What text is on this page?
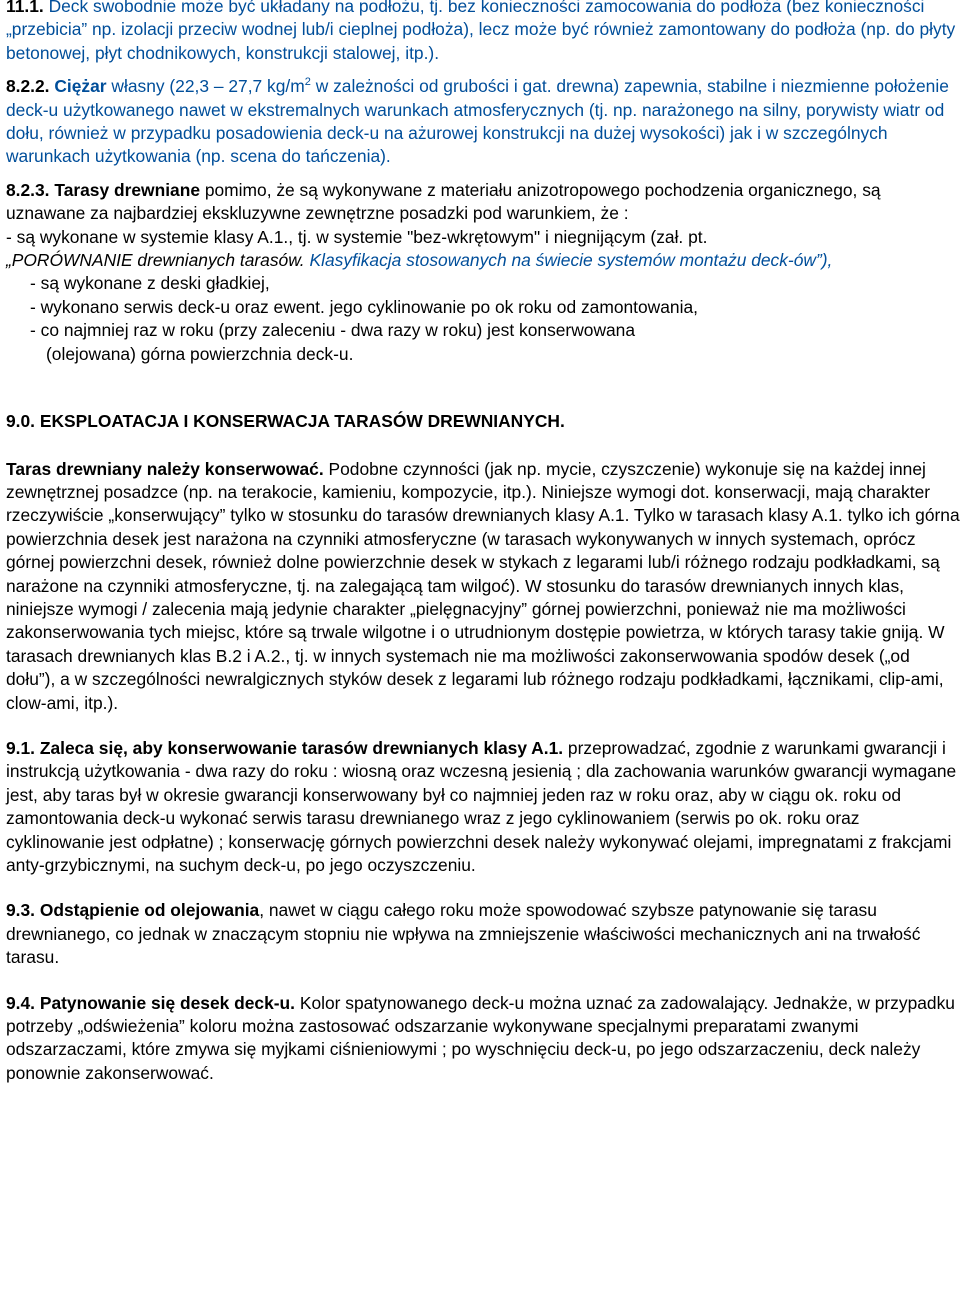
11.1. Deck swobodnie może być układany na podłożu, tj. bez konieczności zamocowania do podłoża (bez konieczności „przebicia” np. izolacji przeciw wodnej lub/i cieplnej podłoża), lecz może być również zamontowany do podłoża (np. do płyty betonowej, płyt chodnikowych, konstrukcji stalowej, itp.).

8.2.2. Ciężar własny (22,3 – 27,7 $kg/m^2$ w zależności od grubości i gat. drewna) zapewnia, stabilne i niezmienne położenie deck-u użytkowanego nawet w ekstremalnych warunkach atmosferycznych (tj. np. narażonego na silny, porywisty wiatr od dołu, również w przypadku posadowienia deck-u na ażurowej konstrukcji na dużej wysokości) jak i w szczególnych warunkach użytkowania (np. scena do tańczenia).

8.2.3. Tarasy drewniane pomimo, że są wykonywane z materiału anizotropowego pochodzenia organicznego, są uznawane za najbardziej ekskluzywne zewnętrzne posadzki pod warunkiem, że :

- są wykonane w systemie klasy A.1., tj. w systemie "bez-wkrętowym" i niegnijącym (zał. pt.

„PORÓWNANIE drewnianych tarasów. Klasyfikacja stosowanych na świecie systemów montażu deck-ów”),

- są wykonane z deski gładkiej,

- wykonano serwis deck-u oraz ewent. jego cyklinowanie po ok roku od zamontowania,

- co najmniej raz w roku (przy zaleceniu - dwa razy w roku) jest konserwowana

(olejowana) górna powierzchnia deck-u.

9.0. EKSPLOATACJA I KONSERWACJA TARASÓW DREWNIANYCH.

Taras drewniany należy konserwować. Podobne czynności (jak np. mycie, czyszczenie) wykonuje się na każdej innej zewnętrznej posadzce (np. na terakocie, kamieniu, kompozycie, itp.). Niniejsze wymogi dot. konserwacji, mają charakter rzeczywiście „konserwujący” tylko w stosunku do tarasów drewnianych klasy A.1. Tylko w tarasach klasy A.1. tylko ich górna powierzchnia desek jest narażona na czynniki atmosferyczne (w tarasach wykonywanych w innych systemach, oprócz górnej powierzchni desek, również dolne powierzchnie desek w stykach z legarami lub/i różnego rodzaju podkładkami, są narażone na czynniki atmosferyczne, tj. na zalegającą tam wilgoć). W stosunku do tarasów drewnianych innych klas, niniejsze wymogi / zalecenia mają jedynie charakter „pielęgnacyjny” górnej powierzchni, ponieważ nie ma możliwości zakonserwowania tych miejsc, które są trwale wilgotne i o utrudnionym dostępie powietrza, w których tarasy takie gniją. W tarasach drewnianych klas B.2 i A.2., tj. w innych systemach nie ma możliwości zakonserwowania spodów desek („od dołu”), a w szczególności newralgicznych styków desek z legarami lub różnego rodzaju podkładkami, łącznikami, clip-ami, clow-ami, itp.).

9.1. Zaleca się, aby konserwowanie tarasów drewnianych klasy A.1. przeprowadzać, zgodnie z warunkami gwarancji i instrukcją użytkowania - dwa razy do roku : wiosną oraz wczesną jesienią ; dla zachowania warunków gwarancji wymagane jest, aby taras był w okresie gwarancji konserwowany był co najmniej jeden raz w roku oraz, aby w ciągu ok. roku od zamontowania deck-u wykonać serwis tarasu drewnianego wraz z jego cyklinowaniem (serwis po ok. roku oraz cyklinowanie jest odpłatne) ; konserwację górnych powierzchni desek należy wykonywać olejami, impregnatami z frakcjami anty-grzybicznymi, na suchym deck-u, po jego oczyszczeniu.

9.3. Odstąpienie od olejowania, nawet w ciągu całego roku może spowodować szybsze patynowanie się tarasu drewnianego, co jednak w znaczącym stopniu nie wpływa na zmniejszenie właściwości mechanicznych ani na trwałość tarasu.

9.4. Patynowanie się desek deck-u. Kolor spatynowanego deck-u można uznać za zadowalający. Jednakże, w przypadku potrzeby „odświeżenia” koloru można zastosować odszarzanie wykonywane specjalnymi preparatami zwanymi odszarzaczami, które zmywa się myjkami ciśnieniowymi ; po wyschnięciu deck-u, po jego odszarzaczeniu, deck należy ponownie zakonserwować.
